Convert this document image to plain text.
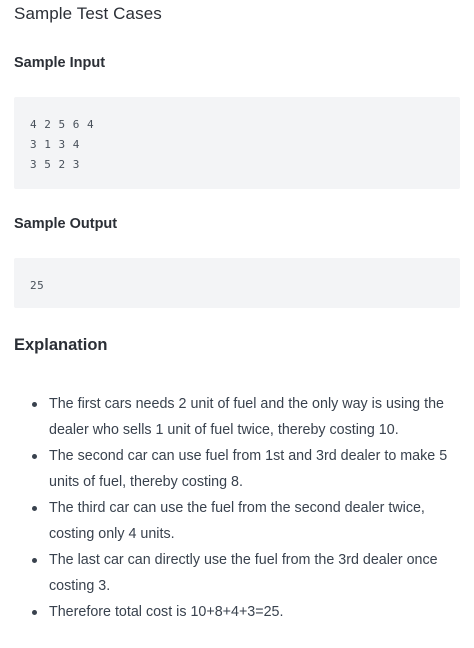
Sample Test Cases
Sample Input
4 2 5 6 4
3 1 3 4
3 5 2 3
Sample Output
25
Explanation
The first cars needs 2 unit of fuel and the only way is using the dealer who sells 1 unit of fuel twice, thereby costing 10.
The second car can use fuel from 1st and 3rd dealer to make 5 units of fuel, thereby costing 8.
The third car can use the fuel from the second dealer twice, costing only 4 units.
The last car can directly use the fuel from the 3rd dealer once costing 3.
Therefore total cost is 10+8+4+3=25.
